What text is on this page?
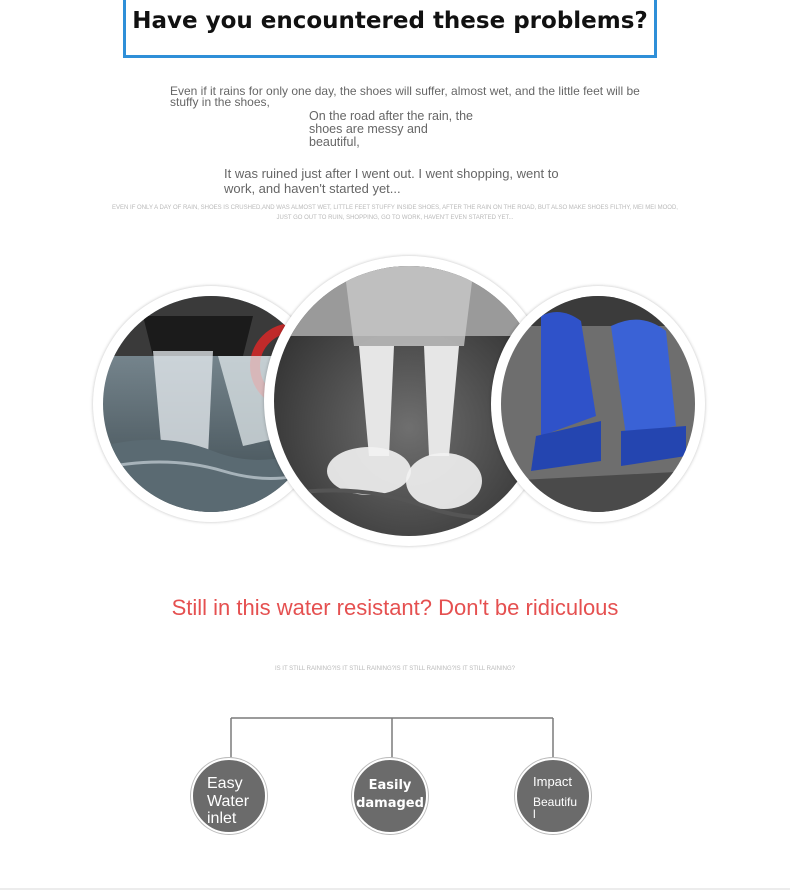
Have you encountered these problems?
Even if it rains for only one day, the shoes will suffer, almost wet, and the little feet will be stuffy in the shoes,
On the road after the rain, the shoes are messy and beautiful,
It was ruined just after I went out. I went shopping, went to work, and haven't started yet...
EVEN IF ONLY A DAY OF RAIN, SHOES IS CRUSHED,AND WAS ALMOST WET, LITTLE FEET STUFFY INSIDE SHOES, AFTER THE RAIN ON THE ROAD, BUT ALSO MAKE SHOES FILTHY, MEI MEI MOOD, JUST GO OUT TO RUIN, SHOPPING, GO TO WORK, HAVEN'T EVEN STARTED YET...
Still in this water resistant? Don't be ridiculous
IS IT STILL RAINING?IS IT STILL RAINING?IS IT STILL RAINING?IS IT STILL RAINING?
Easy
Water
inlet
Easily
damaged
Impact
Beautifu
l
